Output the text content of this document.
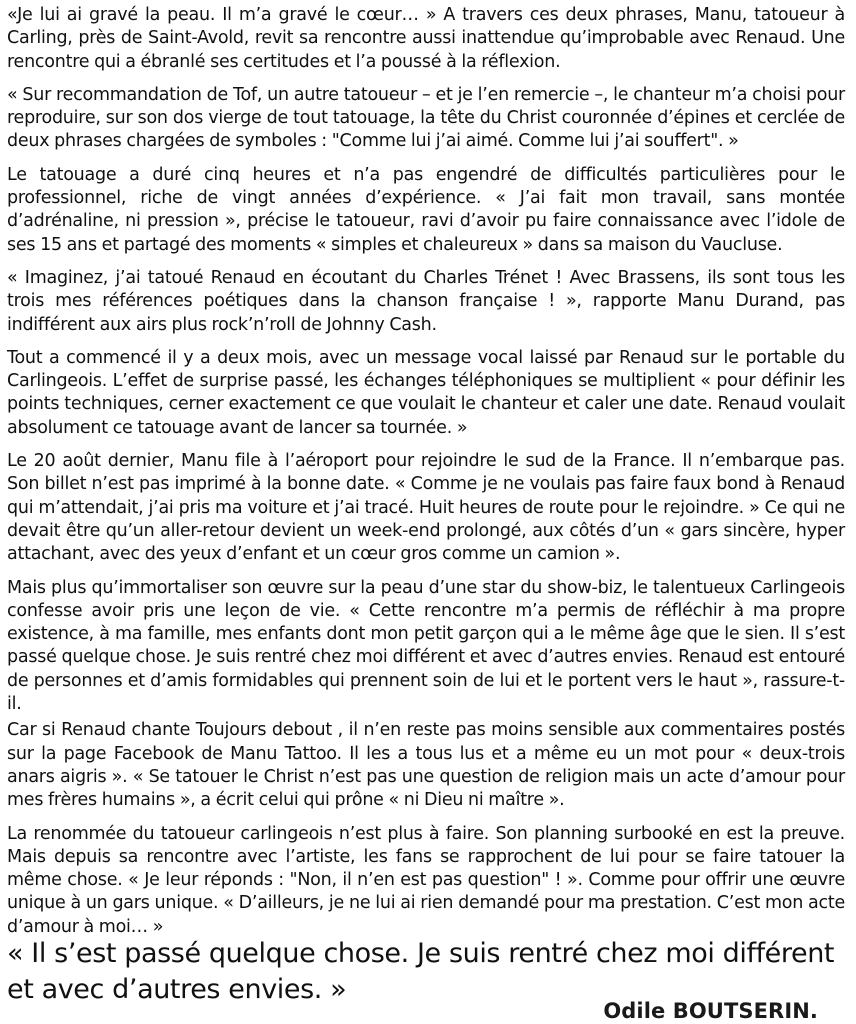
«Je lui ai gravé la peau. Il m’a gravé le cœur… » A travers ces deux phrases, Manu, tatoueur à Carling, près de Saint-Avold, revit sa rencontre aussi inattendue qu’improbable avec Renaud. Une rencontre qui a ébranlé ses certitudes et l’a poussé à la réflexion.

« Sur recommandation de Tof, un autre tatoueur – et je l’en remercie –, le chanteur m’a choisi pour reproduire, sur son dos vierge de tout tatouage, la tête du Christ couronnée d’épines et cerclée de deux phrases chargées de symboles : "Comme lui j’ai aimé. Comme lui j’ai souffert". »

Le tatouage a duré cinq heures et n’a pas engendré de difficultés particulières pour le professionnel, riche de vingt années d’expérience. « J’ai fait mon travail, sans montée d’adrénaline, ni pression », précise le tatoueur, ravi d’avoir pu faire connaissance avec l’idole de ses 15 ans et partagé des moments « simples et chaleureux » dans sa maison du Vaucluse.

« Imaginez, j’ai tatoué Renaud en écoutant du Charles Trénet ! Avec Brassens, ils sont tous les trois mes références poétiques dans la chanson française ! », rapporte Manu Durand, pas indifférent aux airs plus rock’n’roll de Johnny Cash.

Tout a commencé il y a deux mois, avec un message vocal laissé par Renaud sur le portable du Carlingeois. L’effet de surprise passé, les échanges téléphoniques se multiplient « pour définir les points techniques, cerner exactement ce que voulait le chanteur et caler une date. Renaud voulait absolument ce tatouage avant de lancer sa tournée. »

Le 20 août dernier, Manu file à l’aéroport pour rejoindre le sud de la France. Il n’embarque pas. Son billet n’est pas imprimé à la bonne date. « Comme je ne voulais pas faire faux bond à Renaud qui m’attendait, j’ai pris ma voiture et j’ai tracé. Huit heures de route pour le rejoindre. » Ce qui ne devait être qu’un aller-retour devient un week-end prolongé, aux côtés d’un « gars sincère, hyper attachant, avec des yeux d’enfant et un cœur gros comme un camion ».

Mais plus qu’immortaliser son œuvre sur la peau d’une star du show-biz, le talentueux Carlingeois confesse avoir pris une leçon de vie. « Cette rencontre m’a permis de réfléchir à ma propre existence, à ma famille, mes enfants dont mon petit garçon qui a le même âge que le sien. Il s’est passé quelque chose. Je suis rentré chez moi différent et avec d’autres envies. Renaud est entouré de personnes et d’amis formidables qui prennent soin de lui et le portent vers le haut », rassure-t-il.

Car si Renaud chante Toujours debout , il n’en reste pas moins sensible aux commentaires postés sur la page Facebook de Manu Tattoo. Il les a tous lus et a même eu un mot pour « deux-trois anars aigris ». « Se tatouer le Christ n’est pas une question de religion mais un acte d’amour pour mes frères humains », a écrit celui qui prône « ni Dieu ni maître ».

La renommée du tatoueur carlingeois n’est plus à faire. Son planning surbooké en est la preuve. Mais depuis sa rencontre avec l’artiste, les fans se rapprochent de lui pour se faire tatouer la même chose. « Je leur réponds : "Non, il n’en est pas question" ! ». Comme pour offrir une œuvre unique à un gars unique. « D’ailleurs, je ne lui ai rien demandé pour ma prestation. C’est mon acte d’amour à moi… »

« Il s’est passé quelque chose. Je suis rentré chez moi différent et avec d’autres envies. »
Odile BOUTSERIN.
